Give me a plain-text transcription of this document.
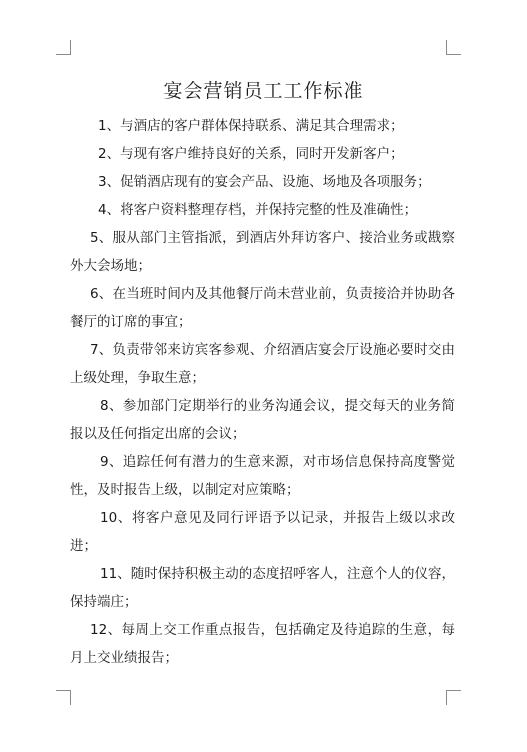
宴会营销员工工作标准

1、与酒店的客户群体保持联系、满足其合理需求；

2、与现有客户维持良好的关系，同时开发新客户；

3、促销酒店现有的宴会产品、设施、场地及各项服务；

4、将客户资料整理存档，并保持完整的性及准确性；

5、服从部门主管指派，到酒店外拜访客户、接洽业务或戡察外大会场地；

6、在当班时间内及其他餐厅尚未营业前，负责接洽并协助各餐厅的订席的事宜；

7、负责带邻来访宾客参观、介绍酒店宴会厅设施必要时交由上级处理，争取生意；

8、参加部门定期举行的业务沟通会议，提交每天的业务简报以及任何指定出席的会议；

9、追踪任何有潜力的生意来源，对市场信息保持高度警觉性，及时报告上级，以制定对应策略；

10、将客户意见及同行评语予以记录，并报告上级以求改进；

11、随时保持积极主动的态度招呼客人，注意个人的仪容，保持端庄；

12、每周上交工作重点报告，包括确定及待追踪的生意，每月上交业绩报告；
